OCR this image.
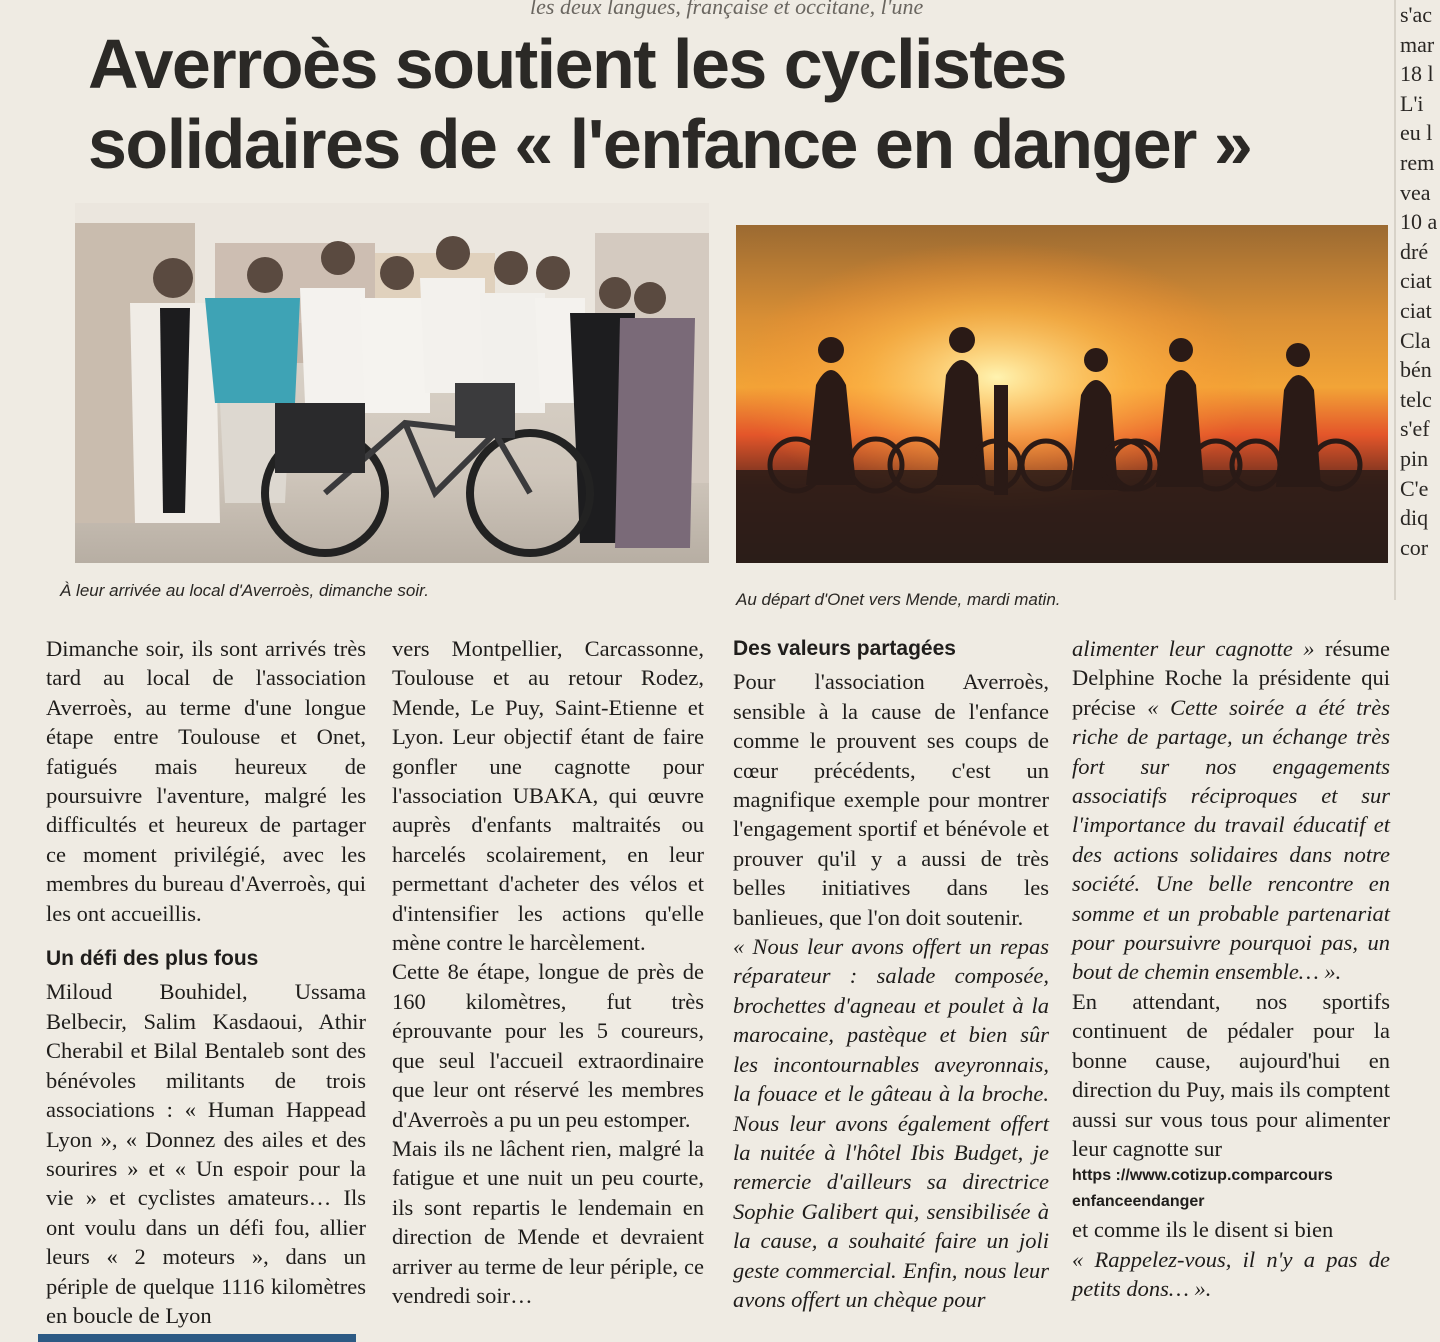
les deux langues, française et occitane, l'une
Averroès soutient les cyclistes
solidaires de « l'enfance en danger »
À leur arrivée au local d'Averroès, dimanche soir.	Au départ d'Onet vers Mende, mardi matin.

Dimanche soir, ils sont arrivés très tard au local de l'association Averroès, au terme d'une longue étape entre Toulouse et Onet, fatigués mais heureux de poursuivre l'aventure, malgré les difficultés et heureux de partager ce moment privilégié, avec les membres du bureau d'Averroès, qui les ont accueillis.

Un défi des plus fous

Miloud Bouhidel, Ussama Belbecir, Salim Kasdaoui, Athir Cherabil et Bilal Bentaleb sont des bénévoles militants de trois associations : « Human Happead Lyon », « Donnez des ailes et des sourires » et « Un espoir pour la vie » et cyclistes amateurs… Ils ont voulu dans un défi fou, allier leurs « 2 moteurs », dans un périple de quelque 1116 kilomètres en boucle de Lyon

vers Montpellier, Carcassonne, Toulouse et au retour Rodez, Mende, Le Puy, Saint-Etienne et Lyon. Leur objectif étant de faire gonfler une cagnotte pour l'association UBAKA, qui œuvre auprès d'enfants maltraités ou harcelés scolairement, en leur permettant d'acheter des vélos et d'intensifier les actions qu'elle mène contre le harcèlement.

Cette 8e étape, longue de près de 160 kilomètres, fut très éprouvante pour les 5 coureurs, que seul l'accueil extraordinaire que leur ont réservé les membres d'Averroès a pu un peu estomper.

Mais ils ne lâchent rien, malgré la fatigue et une nuit un peu courte, ils sont repartis le lendemain en direction de Mende et devraient arriver au terme de leur périple, ce vendredi soir…

Des valeurs partagées

Pour l'association Averroès, sensible à la cause de l'enfance comme le prouvent ses coups de cœur précédents, c'est un magnifique exemple pour montrer l'engagement sportif et bénévole et prouver qu'il y a aussi de très belles initiatives dans les banlieues, que l'on doit soutenir.

« Nous leur avons offert un repas réparateur : salade composée, brochettes d'agneau et poulet à la marocaine, pastèque et bien sûr les incontournables aveyronnais, la fouace et le gâteau à la broche. Nous leur avons également offert la nuitée à l'hôtel Ibis Budget, je remercie d'ailleurs sa directrice Sophie Galibert qui, sensibilisée à la cause, a souhaité faire un joli geste commercial. Enfin, nous leur avons offert un chèque pour

alimenter leur cagnotte » résume Delphine Roche la présidente qui précise « Cette soirée a été très riche de partage, un échange très fort sur nos engagements associatifs réciproques et sur l'importance du travail éducatif et des actions solidaires dans notre société. Une belle rencontre en somme et un probable partenariat pour poursuivre pourquoi pas, un bout de chemin ensemble… ».

En attendant, nos sportifs continuent de pédaler pour la bonne cause, aujourd'hui en direction du Puy, mais ils comptent aussi sur vous tous pour alimenter leur cagnotte sur

https ://www.cotizup.comparcours
enfanceendanger

et comme ils le disent si bien

« Rappelez-vous, il n'y a pas de petits dons… ».

s'ac
mar
18 l
L'i
eu l
rem
vea
10 a
dré
ciat
ciat
Cla
bén
telc
s'ef
pin
C'e
diq
cor
